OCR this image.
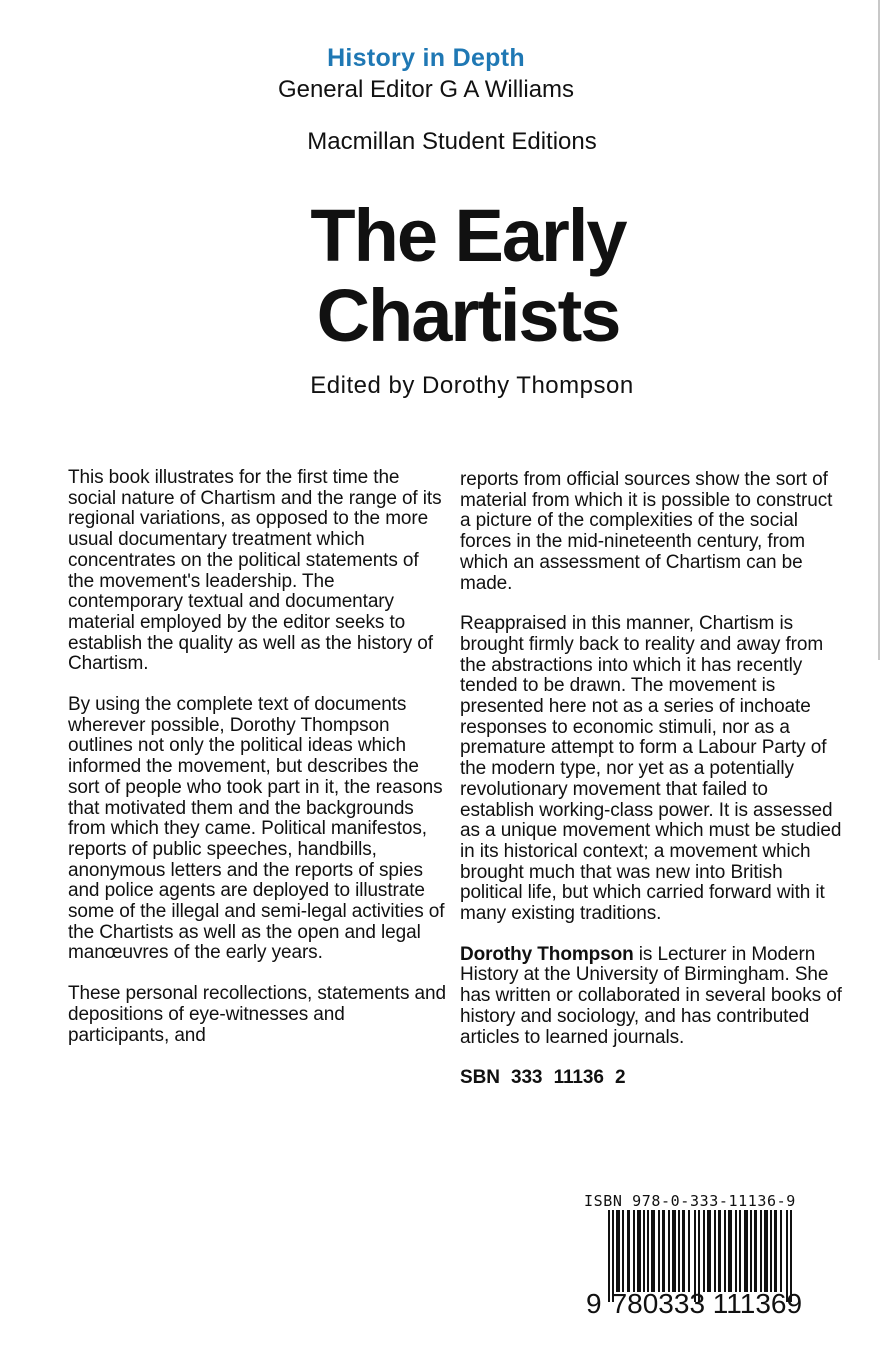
History in Depth
General Editor G A Williams
Macmillan Student Editions
The Early
Chartists
Edited by Dorothy Thompson

This book illustrates for the first time the social nature of Chartism and the range of its regional variations, as opposed to the more usual documentary treatment which concentrates on the political statements of the movement's leadership. The contemporary textual and documentary material employed by the editor seeks to establish the quality as well as the history of Chartism.

By using the complete text of documents wherever possible, Dorothy Thompson outlines not only the political ideas which informed the movement, but describes the sort of people who took part in it, the reasons that motivated them and the backgrounds from which they came. Political manifestos, reports of public speeches, handbills, anonymous letters and the reports of spies and police agents are deployed to illustrate some of the illegal and semi-legal activities of the Chartists as well as the open and legal manœuvres of the early years.

These personal recollections, statements and depositions of eye-witnesses and participants, and

reports from official sources show the sort of material from which it is possible to construct a picture of the complexities of the social forces in the mid-nineteenth century, from which an assessment of Chartism can be made.

Reappraised in this manner, Chartism is brought firmly back to reality and away from the abstractions into which it has recently tended to be drawn. The movement is presented here not as a series of inchoate responses to economic stimuli, nor as a premature attempt to form a Labour Party of the modern type, nor yet as a potentially revolutionary movement that failed to establish working-class power. It is assessed as a unique movement which must be studied in its historical context; a movement which brought much that was new into British political life, but which carried forward with it many existing traditions.

Dorothy Thompson is Lecturer in Modern History at the University of Birmingham. She has written or collaborated in several books of history and sociology, and has contributed articles to learned journals.

SBN 333 11136 2
ISBN 978-0-333-11136-9
9 780333 111369
